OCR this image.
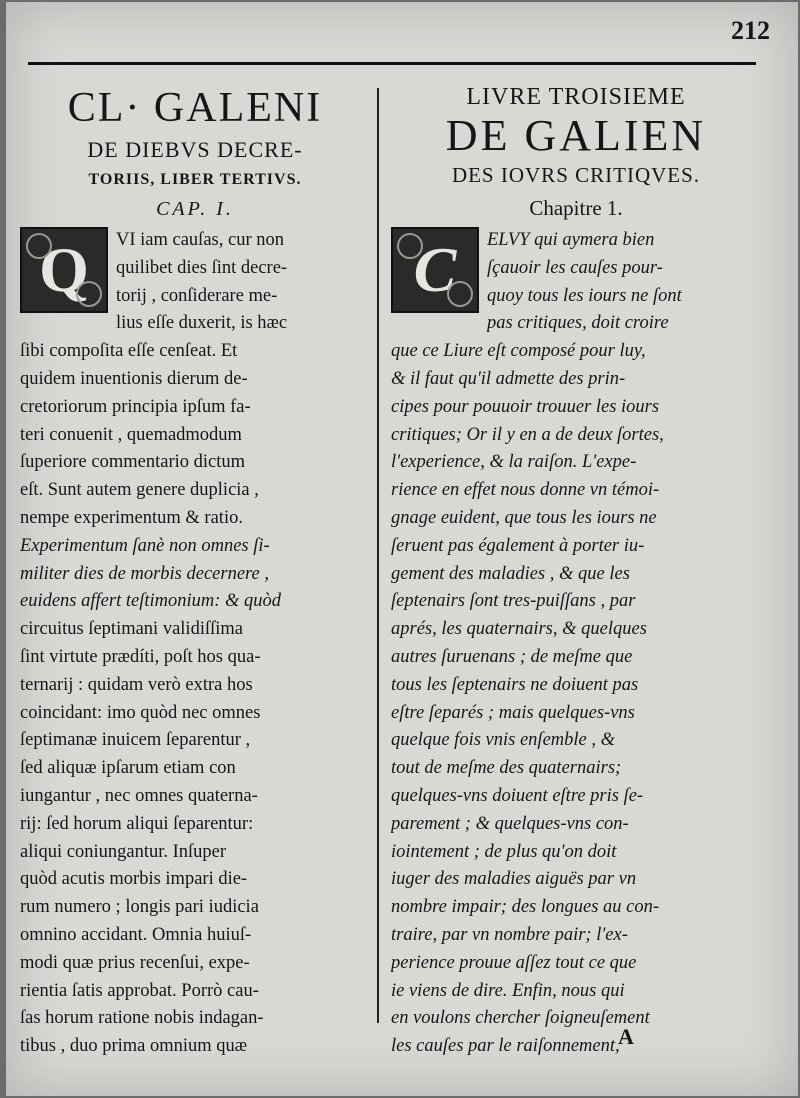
212

CL· GALENI

DE DIEBVS DECRE-

TORIIS, LIBER TERTIVS.

CAP. I.

Q	VI iam cauſas, cur non
quilibet dies ſint decre-
torij , conſiderare me-
lius eſſe duxerit, is hæc
ſibi compoſita eſſe cenſeat. Et
quidem inuentionis dierum de-
cretoriorum principia ipſum fa-
teri conuenit , quemadmodum
ſuperiore commentario dictum
eſt. Sunt autem genere duplicia ,
nempe experimentum & ratio.
Experimentum ſanè non omnes ſi-
militer dies de morbis decernere ,
euidens affert teſtimonium: & quòd
circuitus ſeptimani validiſſima
ſint virtute prædíti, poſt hos qua-
ternarij : quidam verò extra hos
coincidant: imo quòd nec omnes
ſeptimanæ inuicem ſeparentur ,
ſed aliquæ ipſarum etiam con
iungantur , nec omnes quaterna-
rij: ſed horum aliqui ſeparentur:
aliqui coniungantur. Inſuper
quòd acutis morbis impari die-
rum numero ; longis pari iudicia
omnino accidant. Omnia huiuſ-
modi quæ prius recenſui, expe-
rientia ſatis approbat. Porrò cau-
ſas horum ratione nobis indagan-
tibus , duo prima omnium quæ

LIVRE TROISIEME

DE GALIEN

DES IOVRS CRITIQVES.

Chapitre 1.

C	ELVY qui aymera bien
ſçauoir les cauſes pour-
quoy tous les iours ne ſont
pas critiques, doit croire
que ce Liure eſt composé pour luy,
& il faut qu'il admette des prin-
cipes pour pouuoir trouuer les iours
critiques; Or il y en a de deux ſortes,
l'experience, & la raiſon. L'expe-
rience en effet nous donne vn témoi-
gnage euident, que tous les iours ne
ſeruent pas également à porter iu-
gement des maladies , & que les
ſeptenairs ſont tres-puiſſans , par
aprés, les quaternairs, & quelques
autres ſuruenans ; de meſme que
tous les ſeptenairs ne doiuent pas
eſtre ſeparés ; mais quelques-vns
quelque fois vnis enſemble , &
tout de meſme des quaternairs;
quelques-vns doiuent eſtre pris ſe-
parement ; & quelques-vns con-
iointement ; de plus qu'on doit
iuger des maladies aiguës par vn
nombre impair; des longues au con-
traire, par vn nombre pair; l'ex-
perience prouue aſſez tout ce que
ie viens de dire. Enfin, nous qui
en voulons chercher ſoigneuſement
les cauſes par le raiſonnement,
A
